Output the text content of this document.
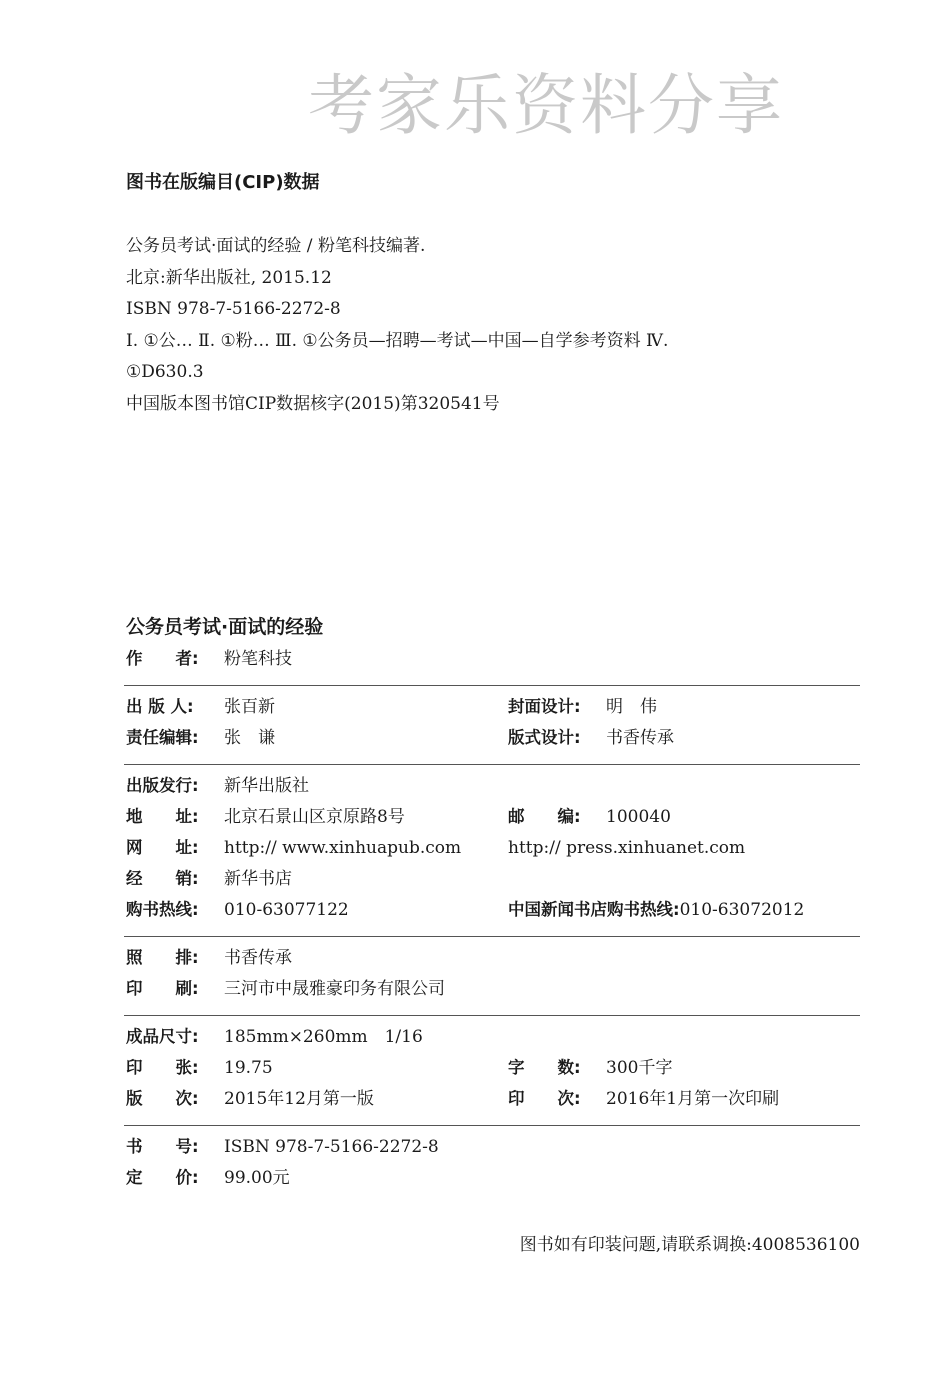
考家乐资料分享
图书在版编目(CIP)数据
公务员考试·面试的经验 / 粉笔科技编著.
北京:新华出版社, 2015.12
ISBN 978-7-5166-2272-8
Ⅰ. ①公… Ⅱ. ①粉… Ⅲ. ①公务员—招聘—考试—中国—自学参考资料 Ⅳ.
①D630.3
中国版本图书馆CIP数据核字(2015)第320541号
公务员考试·面试的经验
作　　者: 粉笔科技
出 版 人: 张百新	封面设计: 明　伟
责任编辑: 张　谦	版式设计: 书香传承
出版发行: 新华出版社
地　　址: 北京石景山区京原路8号	邮　　编: 100040
网　　址: http:// www.xinhuapub.com	http:// press.xinhuanet.com
经　　销: 新华书店
购书热线: 010-63077122	中国新闻书店购书热线:010-63072012
照　　排: 书香传承
印　　刷: 三河市中晟雅豪印务有限公司
成品尺寸: 185mm×260mm　1/16
印　　张: 19.75	字　　数: 300千字
版　　次: 2015年12月第一版	印　　次: 2016年1月第一次印刷
书　　号: ISBN 978-7-5166-2272-8
定　　价: 99.00元
图书如有印装问题,请联系调换:4008536100
